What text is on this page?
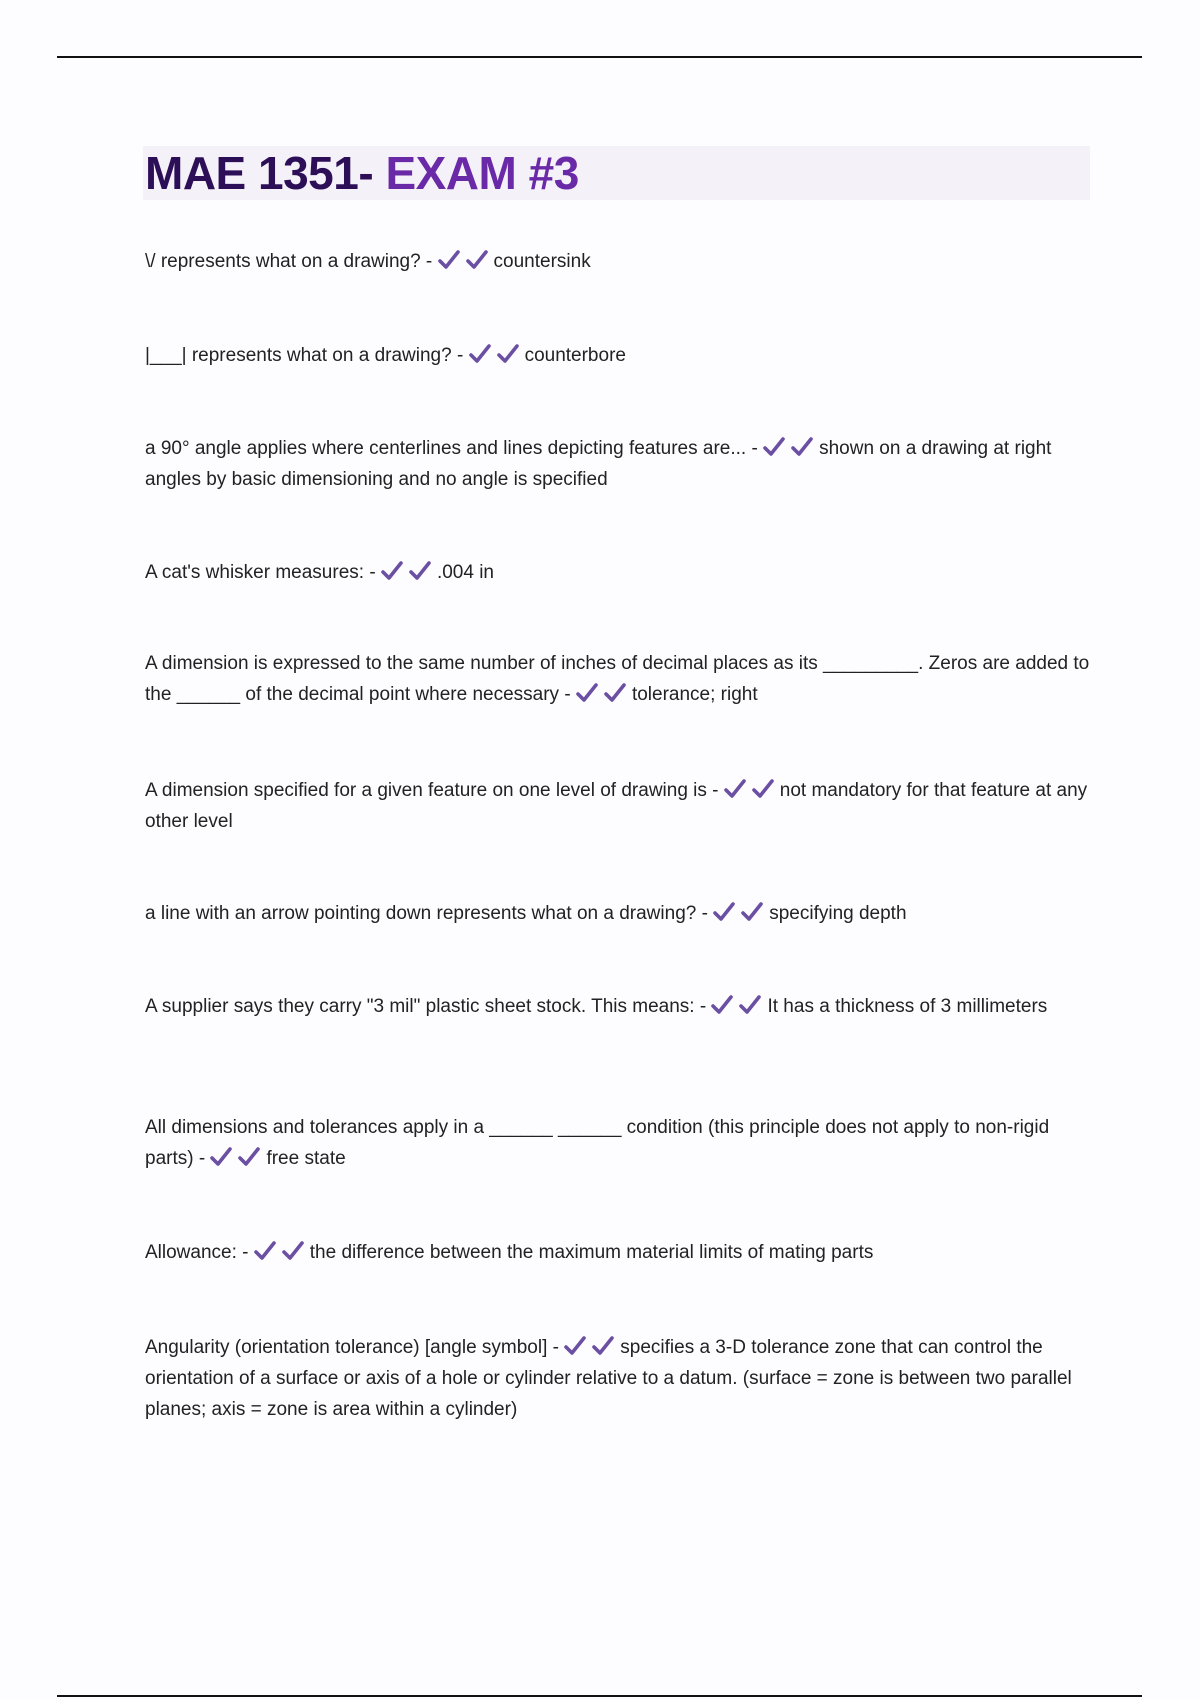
MAE 1351- EXAM #3

\/ represents what on a drawing? -	countersink

|___| represents what on a drawing? -	counterbore

a 90° angle applies where centerlines and lines depicting features are... -	shown on a drawing at right angles by basic dimensioning and no angle is specified

A cat's whisker measures: -	.004 in

A dimension is expressed to the same number of inches of decimal places as its _________. Zeros are added to the ______ of the decimal point where necessary -	tolerance; right

A dimension specified for a given feature on one level of drawing is -	not mandatory for that feature at any other level

a line with an arrow pointing down represents what on a drawing? -	specifying depth

A supplier says they carry "3 mil" plastic sheet stock. This means: -	It has a thickness of 3 millimeters

All dimensions and tolerances apply in a ______ ______ condition (this principle does not apply to non-rigid parts) -	free state

Allowance: -	the difference between the maximum material limits of mating parts

Angularity (orientation tolerance) [angle symbol] -	specifies a 3-D tolerance zone that can control the orientation of a surface or axis of a hole or cylinder relative to a datum. (surface = zone is between two parallel planes; axis = zone is area within a cylinder)
